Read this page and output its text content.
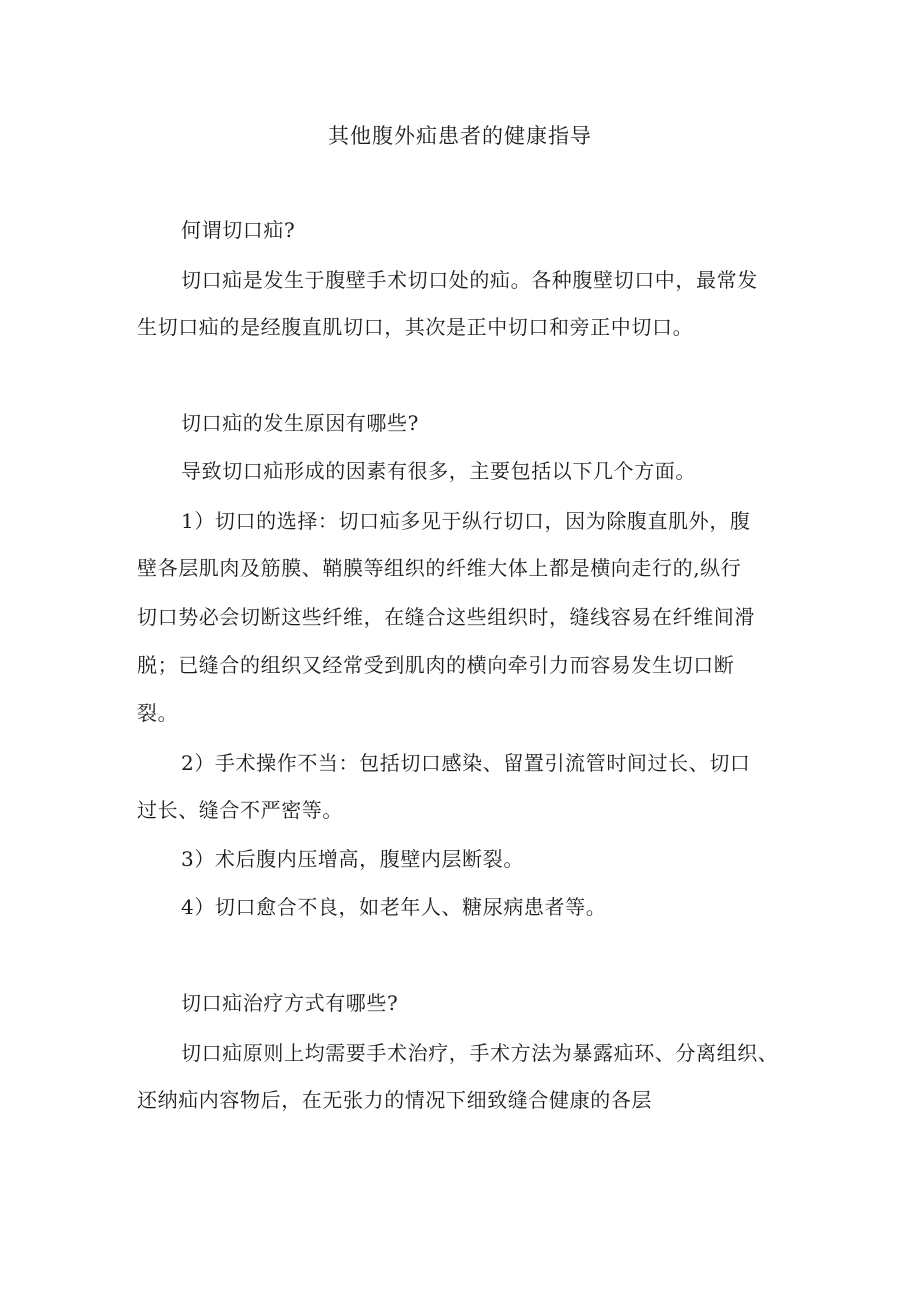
其他腹外疝患者的健康指导
何谓切口疝?
切口疝是发生于腹壁手术切口处的疝。各种腹壁切口中，最常发
生切口疝的是经腹直肌切口，其次是正中切口和旁正中切口。
切口疝的发生原因有哪些?
导致切口疝形成的因素有很多，主要包括以下几个方面。
1）切口的选择：切口疝多见于纵行切口，因为除腹直肌外，腹
壁各层肌肉及筋膜、鞘膜等组织的纤维大体上都是横向走行的,纵行
切口势必会切断这些纤维，在缝合这些组织时，缝线容易在纤维间滑
脱；已缝合的组织又经常受到肌肉的横向牵引力而容易发生切口断
裂。
2）手术操作不当：包括切口感染、留置引流管时间过长、切口
过长、缝合不严密等。
3）术后腹内压增高，腹壁内层断裂。
4）切口愈合不良，如老年人、糖尿病患者等。
切口疝治疗方式有哪些?
切口疝原则上均需要手术治疗，手术方法为暴露疝环、分离组织、
还纳疝内容物后，在无张力的情况下细致缝合健康的各层
